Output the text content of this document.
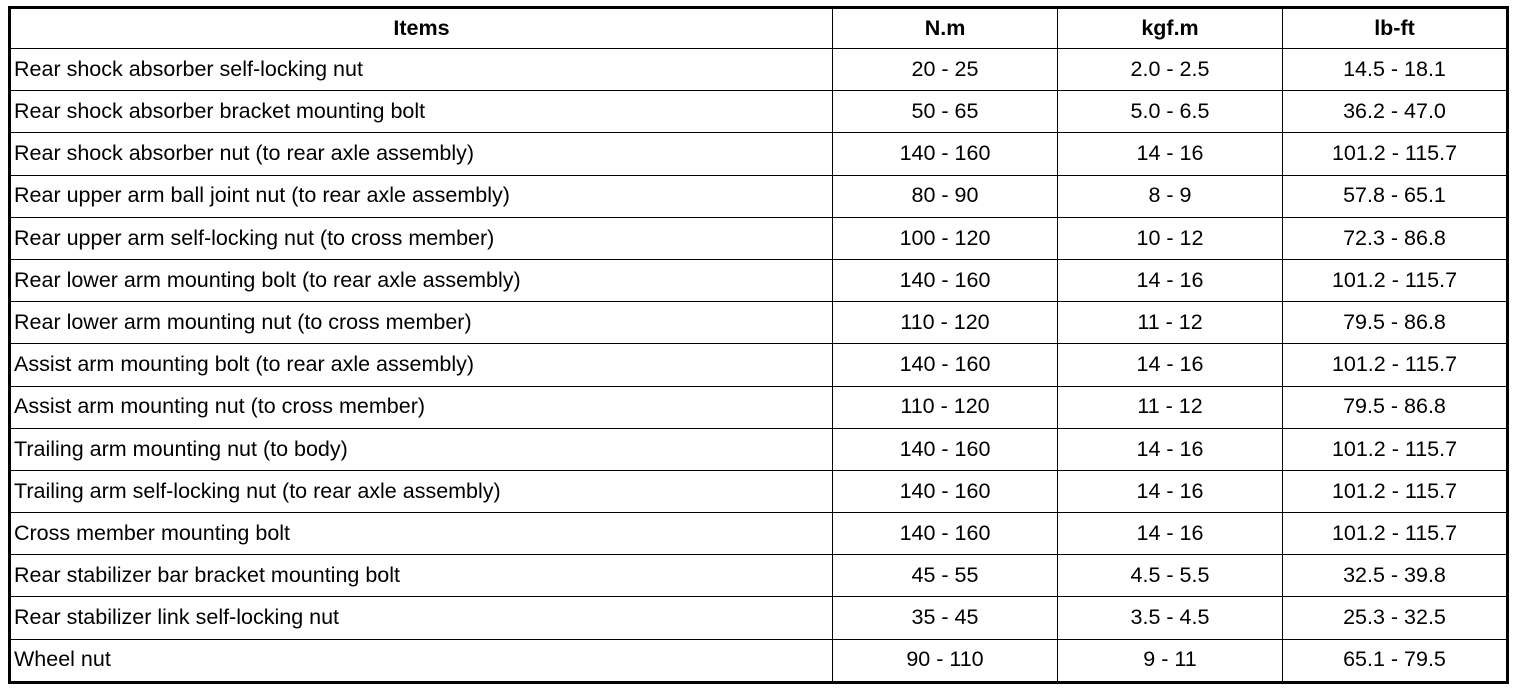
Items	N.m	kgf.m	lb-ft
Rear shock absorber self-locking nut	20 - 25	2.0 - 2.5	14.5 - 18.1
Rear shock absorber bracket mounting bolt	50 - 65	5.0 - 6.5	36.2 - 47.0
Rear shock absorber nut (to rear axle assembly)	140 - 160	14 - 16	101.2 - 115.7
Rear upper arm ball joint nut (to rear axle assembly)	80 - 90	8 - 9	57.8 - 65.1
Rear upper arm self-locking nut (to cross member)	100 - 120	10 - 12	72.3 - 86.8
Rear lower arm mounting bolt (to rear axle assembly)	140 - 160	14 - 16	101.2 - 115.7
Rear lower arm mounting nut (to cross member)	110 - 120	11 - 12	79.5 - 86.8
Assist arm mounting bolt (to rear axle assembly)	140 - 160	14 - 16	101.2 - 115.7
Assist arm mounting nut (to cross member)	110 - 120	11 - 12	79.5 - 86.8
Trailing arm mounting nut (to body)	140 - 160	14 - 16	101.2 - 115.7
Trailing arm self-locking nut (to rear axle assembly)	140 - 160	14 - 16	101.2 - 115.7
Cross member mounting bolt	140 - 160	14 - 16	101.2 - 115.7
Rear stabilizer bar bracket mounting bolt	45 - 55	4.5 - 5.5	32.5 - 39.8
Rear stabilizer link self-locking nut	35 - 45	3.5 - 4.5	25.3 - 32.5
Wheel nut	90 - 110	9 - 11	65.1 - 79.5
